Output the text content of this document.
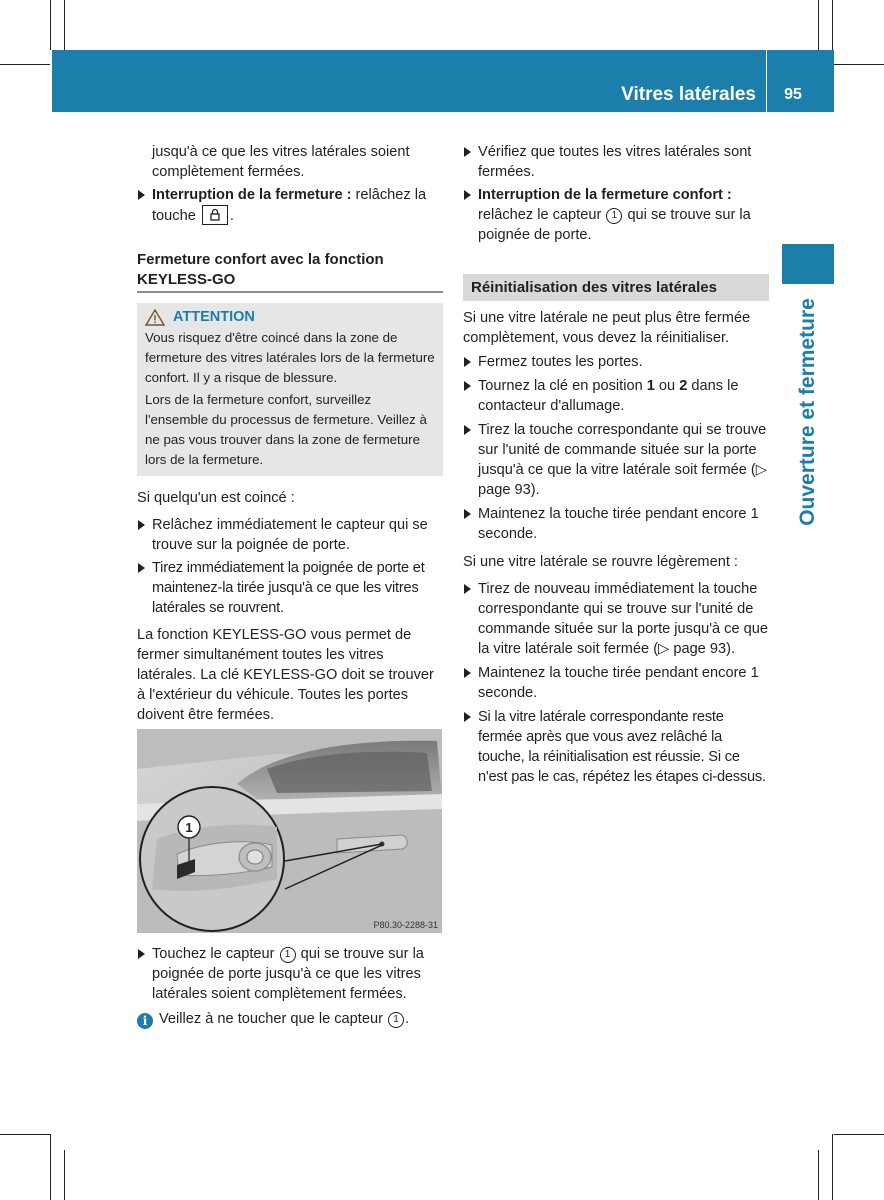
Vitres latérales	95
Ouverture et fermeture

jusqu'à ce que les vitres latérales soient complètement fermées.

Interruption de la fermeture : relâchez la touche .

Fermeture confort avec la fonction
KEYLESS-GO

ATTENTION

Vous risquez d'être coincé dans la zone de fermeture des vitres latérales lors de la fermeture confort. Il y a risque de blessure.

Lors de la fermeture confort, surveillez l'ensemble du processus de fermeture. Veillez à ne pas vous trouver dans la zone de fermeture lors de la fermeture.

Si quelqu'un est coincé :

Relâchez immédiatement le capteur qui se trouve sur la poignée de porte.

Tirez immédiatement la poignée de porte et maintenez-la tirée jusqu'à ce que les vitres latérales se rouvrent.

La fonction KEYLESS-GO vous permet de fermer simultanément toutes les vitres latérales. La clé KEYLESS-GO doit se trouver à l'extérieur du véhicule. Toutes les portes doivent être fermées.

1
P80.30-2288-31

Touchez le capteur 1 qui se trouve sur la poignée de porte jusqu'à ce que les vitres latérales soient complètement fermées.

i Veillez à ne toucher que le capteur 1 .

Vérifiez que toutes les vitres latérales sont fermées.

Interruption de la fermeture confort :
relâchez le capteur 1 qui se trouve sur la poignée de porte.

Réinitialisation des vitres latérales

Si une vitre latérale ne peut plus être fermée complètement, vous devez la réinitialiser.

Fermez toutes les portes.

Tournez la clé en position 1 ou 2 dans le contacteur d'allumage.

Tirez la touche correspondante qui se trouve sur l'unité de commande située sur la porte jusqu'à ce que la vitre latérale soit fermée (▷ page 93).

Maintenez la touche tirée pendant encore 1 seconde.

Si une vitre latérale se rouvre légèrement :

Tirez de nouveau immédiatement la touche correspondante qui se trouve sur l'unité de commande située sur la porte jusqu'à ce que la vitre latérale soit fermée (▷ page 93).

Maintenez la touche tirée pendant encore 1 seconde.

Si la vitre latérale correspondante reste fermée après que vous avez relâché la touche, la réinitialisation est réussie. Si ce n'est pas le cas, répétez les étapes ci-dessus.
